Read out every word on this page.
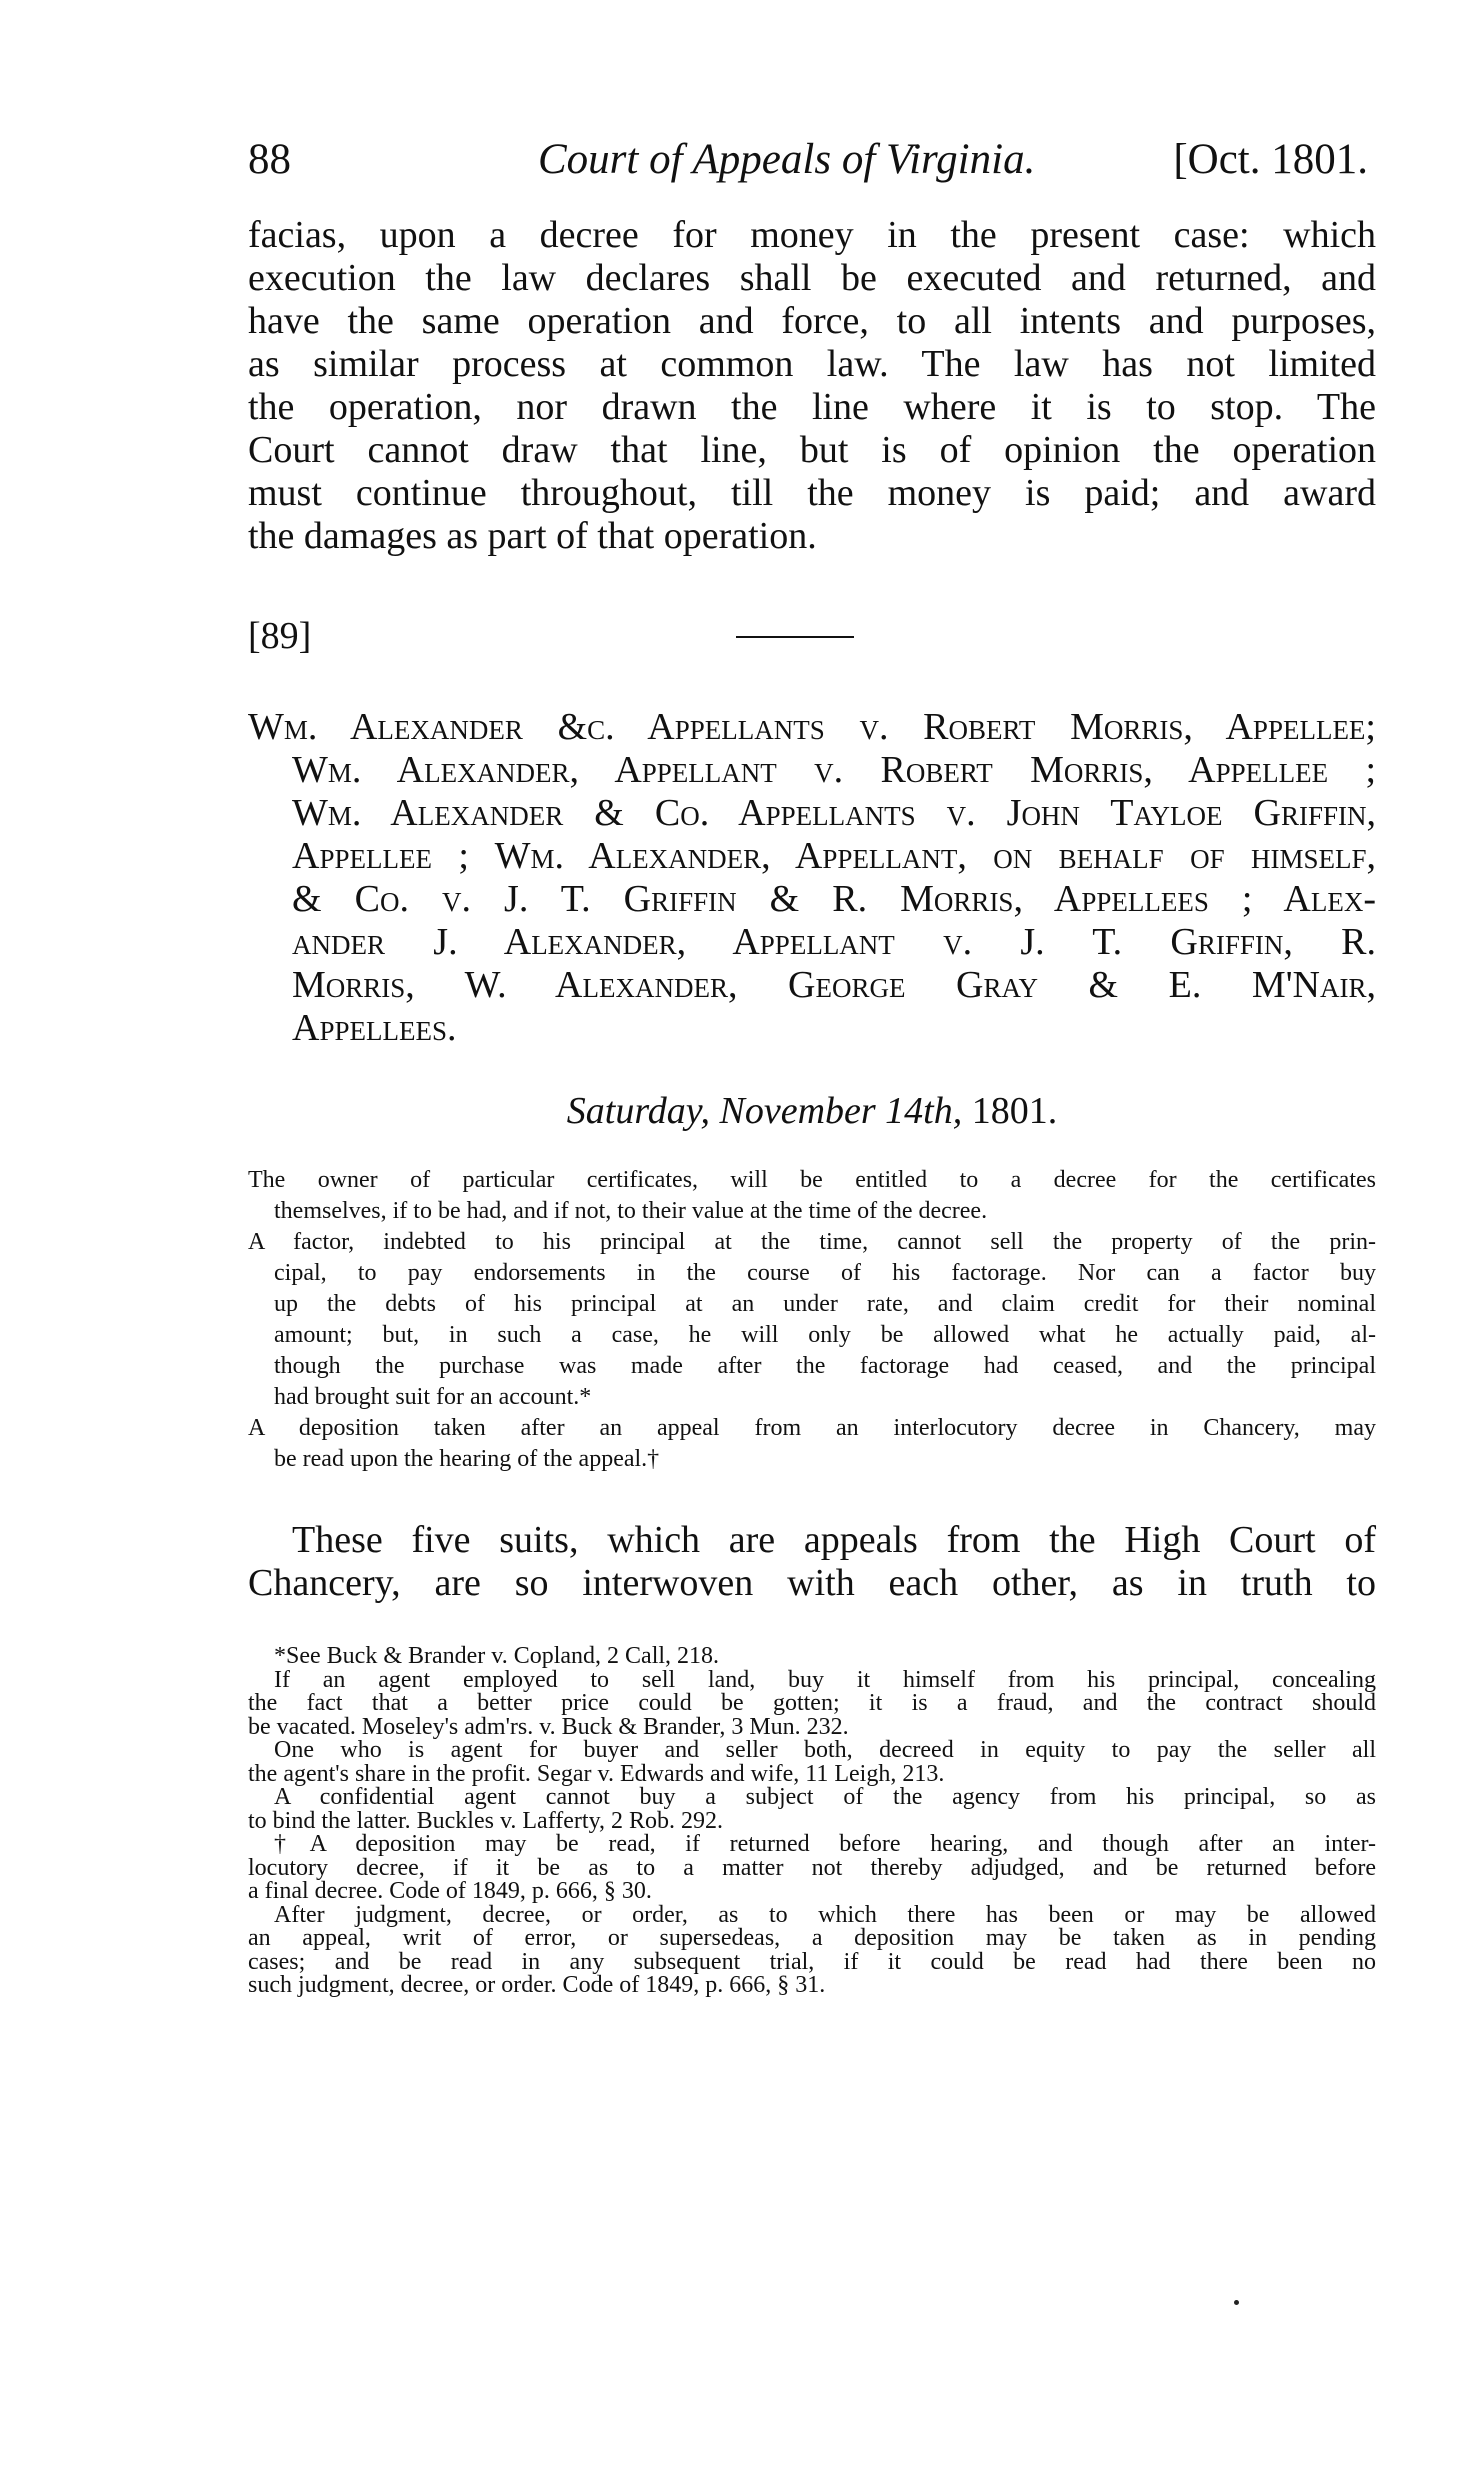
88	Court of Appeals of Virginia.	[Oct. 1801.
facias, upon a decree for money in the present case: which
execution the law declares shall be executed and returned, and
have the same operation and force, to all intents and purposes,
as similar process at common law. The law has not limited
the operation, nor drawn the line where it is to stop. The
Court cannot draw that line, but is of opinion the operation
must continue throughout, till the money is paid; and award
the damages as part of that operation.
[89]
Wm. Alexander &c. Appellants v. Robert Morris, Appellee;
Wm. Alexander, Appellant v. Robert Morris, Appellee ;
Wm. Alexander & Co. Appellants v. John Tayloe Griffin,
Appellee ; Wm. Alexander, Appellant, on behalf of himself,
& Co. v. J. T. Griffin & R. Morris, Appellees ; Alex-
ander J. Alexander, Appellant v. J. T. Griffin, R.
Morris, W. Alexander, George Gray & E. M'Nair,
Appellees.
Saturday, November 14th, 1801.
The owner of particular certificates, will be entitled to a decree for the certificates
themselves, if to be had, and if not, to their value at the time of the decree.
A factor, indebted to his principal at the time, cannot sell the property of the prin-
cipal, to pay endorsements in the course of his factorage. Nor can a factor buy
up the debts of his principal at an under rate, and claim credit for their nominal
amount; but, in such a case, he will only be allowed what he actually paid, al-
though the purchase was made after the factorage had ceased, and the principal
had brought suit for an account.*
A deposition taken after an appeal from an interlocutory decree in Chancery, may
be read upon the hearing of the appeal.†
These five suits, which are appeals from the High Court of
Chancery, are so interwoven with each other, as in truth to
*See Buck & Brander v. Copland, 2 Call, 218.
If an agent employed to sell land, buy it himself from his principal, concealing
the fact that a better price could be gotten; it is a fraud, and the contract should
be vacated. Moseley's adm'rs. v. Buck & Brander, 3 Mun. 232.
One who is agent for buyer and seller both, decreed in equity to pay the seller all
the agent's share in the profit. Segar v. Edwards and wife, 11 Leigh, 213.
A confidential agent cannot buy a subject of the agency from his principal, so as
to bind the latter. Buckles v. Lafferty, 2 Rob. 292.
†A deposition may be read, if returned before hearing, and though after an inter-
locutory decree, if it be as to a matter not thereby adjudged, and be returned before
a final decree. Code of 1849, p. 666, § 30.
After judgment, decree, or order, as to which there has been or may be allowed
an appeal, writ of error, or supersedeas, a deposition may be taken as in pending
cases; and be read in any subsequent trial, if it could be read had there been no
such judgment, decree, or order. Code of 1849, p. 666, § 31.
